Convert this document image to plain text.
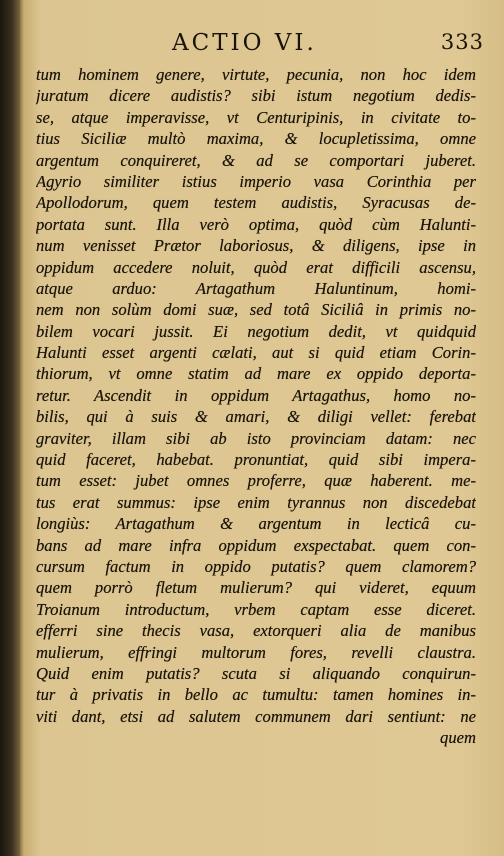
ACTIO VI.	333
tum hominem genere, virtute, pecunia, non hoc idem
juratum dicere audistis? sibi istum negotium dedis-
se, atque imperavisse, vt Centuripinis, in civitate to-
tius Siciliæ multò maxima, & locupletissima, omne
argentum conquireret, & ad se comportari juberet.
Agyrio similiter istius imperio vasa Corinthia per
Apollodorum, quem testem audistis, Syracusas de-
portata sunt. Illa verò optima, quòd cùm Halunti-
num venisset Prætor laboriosus, & diligens, ipse in
oppidum accedere noluit, quòd erat difficili ascensu,
atque arduo: Artagathum Haluntinum, homi-
nem non solùm domi suæ, sed totâ Siciliâ in primis no-
bilem vocari jussit. Ei negotium dedit, vt quidquid
Halunti esset argenti cælati, aut si quid etiam Corin-
thiorum, vt omne statim ad mare ex oppido deporta-
retur. Ascendit in oppidum Artagathus, homo no-
bilis, qui à suis & amari, & diligi vellet: ferebat
graviter, illam sibi ab isto provinciam datam: nec
quid faceret, habebat. pronuntiat, quid sibi impera-
tum esset: jubet omnes proferre, quæ haberent. me-
tus erat summus: ipse enim tyrannus non discedebat
longiùs: Artagathum & argentum in lecticâ cu-
bans ad mare infra oppidum exspectabat. quem con-
cursum factum in oppido putatis? quem clamorem?
quem porrò fletum mulierum? qui videret, equum
Troianum introductum, vrbem captam esse diceret.
efferri sine thecis vasa, extorqueri alia de manibus
mulierum, effringi multorum fores, revelli claustra.
Quid enim putatis? scuta si aliquando conquirun-
tur à privatis in bello ac tumultu: tamen homines in-
viti dant, etsi ad salutem communem dari sentiunt: ne
quem
